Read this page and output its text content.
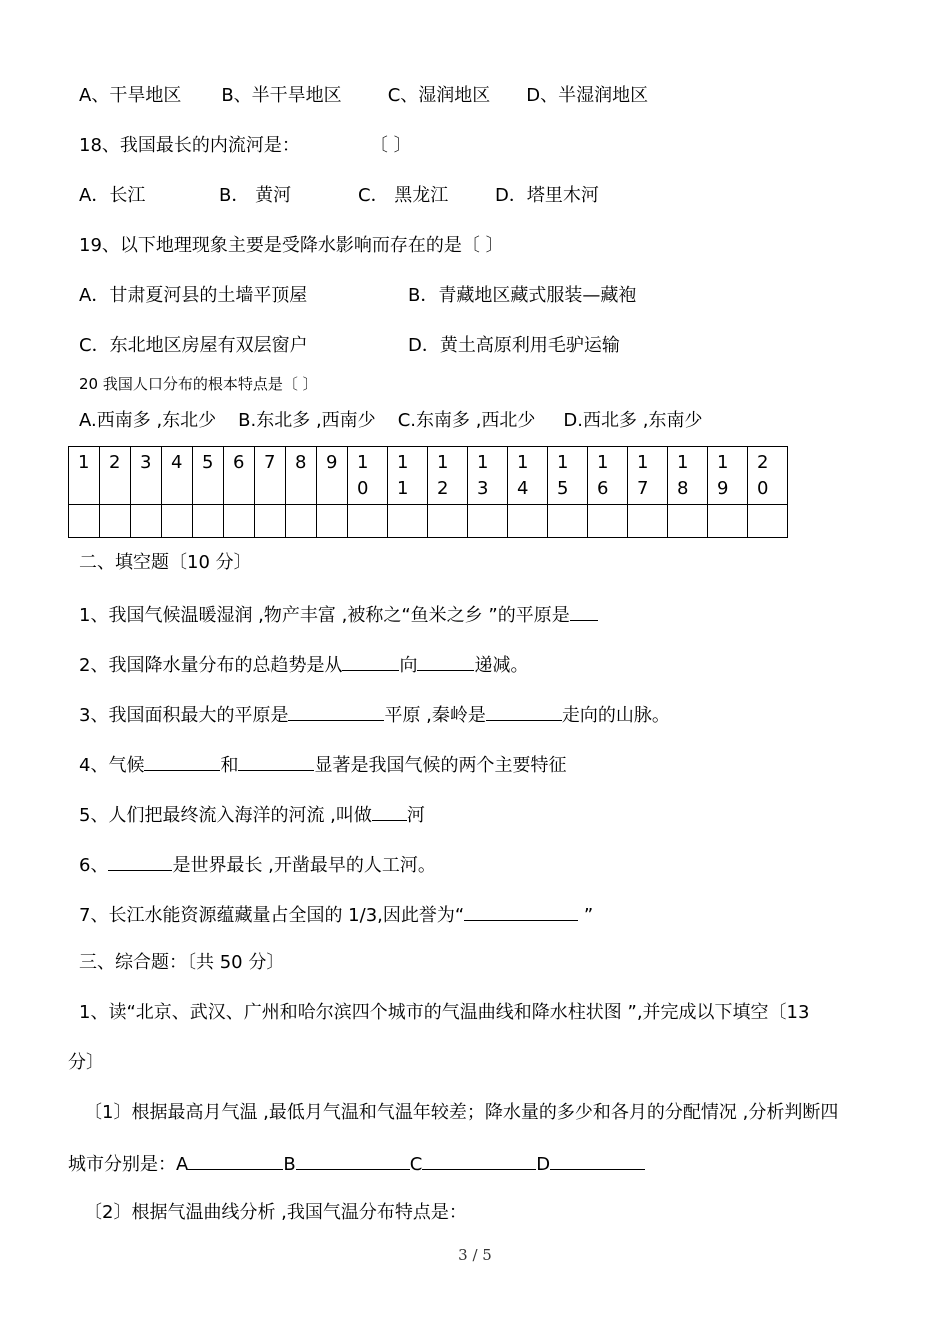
A、干旱地区 B、半干旱地区	C、湿润地区 D、半湿润地区
18、我国最长的内流河是：	〔 〕
A．长江	B． 黄河	C． 黑龙江	D．塔里木河
19、以下地理现象主要是受降水影响而存在的是〔 〕
A．甘肃夏河县的土墙平顶屋	B．青藏地区藏式服装—藏袍
C．东北地区房屋有双层窗户	D．黄土高原利用毛驴运输
20 我国人口分布的根本特点是〔 〕
A.西南多 ,东北少 B.东北多 ,西南少 C.东南多 ,西北少 D.西北多 ,东南少
1	2	3	4	5	6	7	8	9	10	11	12	13	14	15	16	17	18	19	20

二、填空题〔10 分〕
1、我国气候温暖湿润 ,物产丰富 ,被称之“鱼米之乡 ”的平原是
2、我国降水量分布的总趋势是从	向	递减。
3、我国面积最大的平原是	平原 ,秦岭是	走向的山脉。
4、气候	和	显著是我国气候的两个主要特征
5、人们把最终流入海洋的河流 ,叫做 河
6、	是世界最长 ,开凿最早的人工河。
7、长江水能资源蕴藏量占全国的 1/3,因此誉为“	”
三、综合题：〔共 50 分〕
1、读“北京、武汉、广州和哈尔滨四个城市的气温曲线和降水柱状图 ”,并完成以下填空〔13
分〕
〔1〕根据最高月气温 ,最低月气温和气温年较差；降水量的多少和各月的分配情况 ,分析判断四
城市分别是：A	B	C	D
〔2〕根据气温曲线分析 ,我国气温分布特点是：
3 / 5
